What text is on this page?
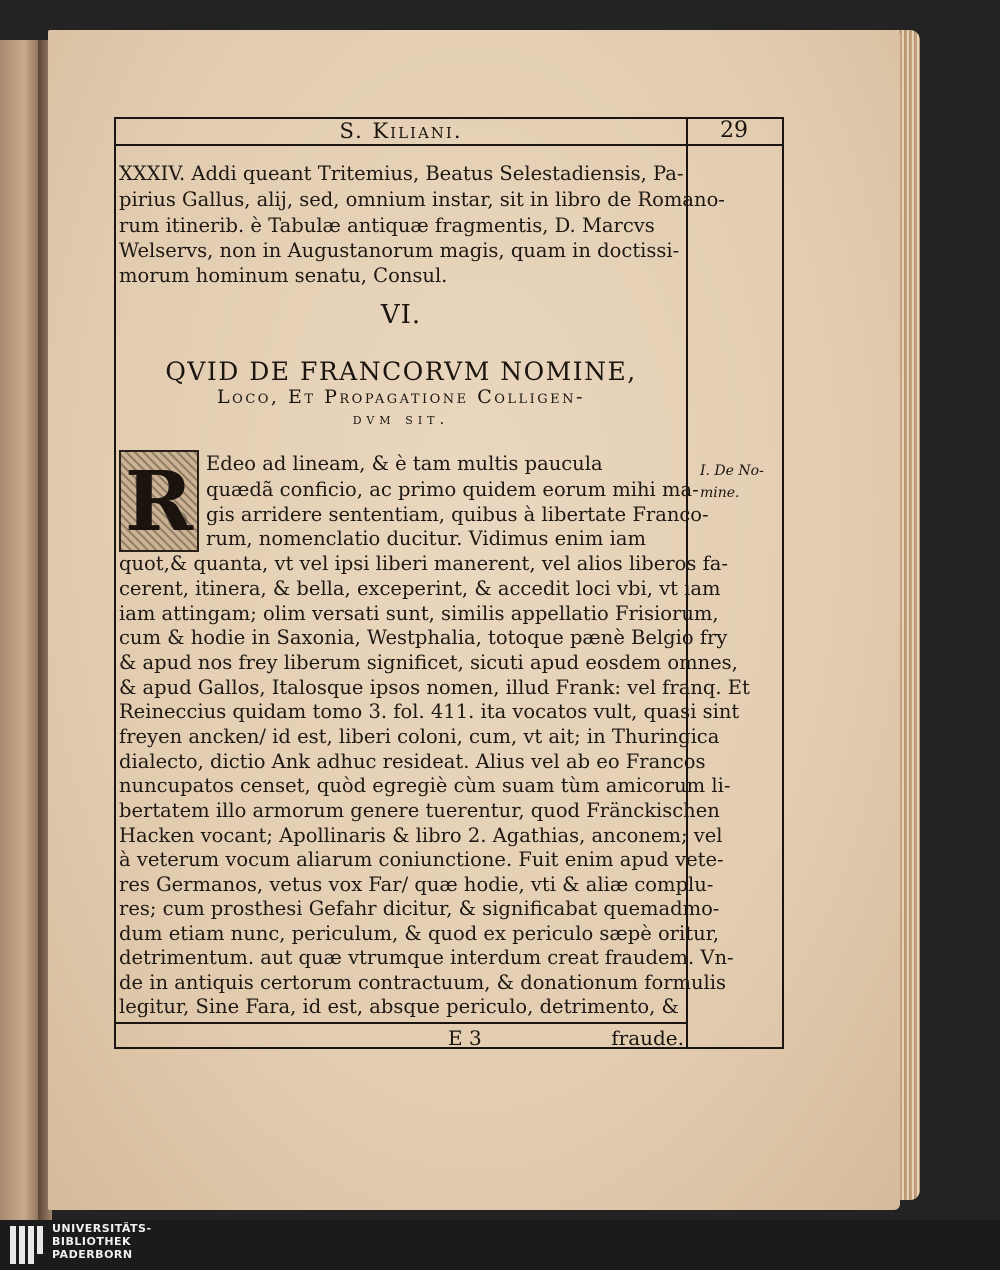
S. Kiliani.	29
XXXIV. Addi queant Tritemius, Beatus Selestadiensis, Pa-
pirius Gallus, alij, sed, omnium instar, sit in libro de Romano-
rum itinerib. è Tabulæ antiquæ fragmentis, D. Marcvs
Welservs, non in Augustanorum magis, quam in doctissi-
morum hominum senatu, Consul.
VI.
QVID DE FRANCORVM NOMINE,
Loco, Et Propagatione Colligen-
dvm sit.
R Edeo ad lineam, & è tam multis paucula
quædã conficio, ac primo quidem eorum mihi ma-
gis arridere sententiam, quibus à libertate Franco-
rum, nomenclatio ducitur. Vidimus enim iam
quot,& quanta, vt vel ipsi liberi manerent, vel alios liberos fa-
cerent, itinera, & bella, exceperint, & accedit loci vbi, vt iam
iam attingam; olim versati sunt, similis appellatio Frisiorum,
cum & hodie in Saxonia, Westphalia, totoque pænè Belgio fry
& apud nos frey liberum significet, sicuti apud eosdem omnes,
& apud Gallos, Italosque ipsos nomen, illud Frank: vel franq. Et
Reineccius quidam tomo 3. fol. 411. ita vocatos vult, quasi sint
freyen ancken/ id est, liberi coloni, cum, vt ait; in Thuringica
dialecto, dictio Ank adhuc resideat. Alius vel ab eo Francos
nuncupatos censet, quòd egregiè cùm suam tùm amicorum li-
bertatem illo armorum genere tuerentur, quod Fränckischen
Hacken vocant; Apollinaris & libro 2. Agathias, anconem; vel
à veterum vocum aliarum coniunctione. Fuit enim apud vete-
res Germanos, vetus vox Far/ quæ hodie, vti & aliæ complu-
res; cum prosthesi Gefahr dicitur, & significabat quemadmo-
dum etiam nunc, periculum, & quod ex periculo sæpè oritur,
detrimentum. aut quæ vtrumque interdum creat fraudem. Vn-
de in antiquis certorum contractuum, & donationum formulis
legitur, Sine Fara, id est, absque periculo, detrimento, &
I. De No-
mine.
E 3	fraude.
UNIVERSITÄTS-
BIBLIOTHEK
PADERBORN
